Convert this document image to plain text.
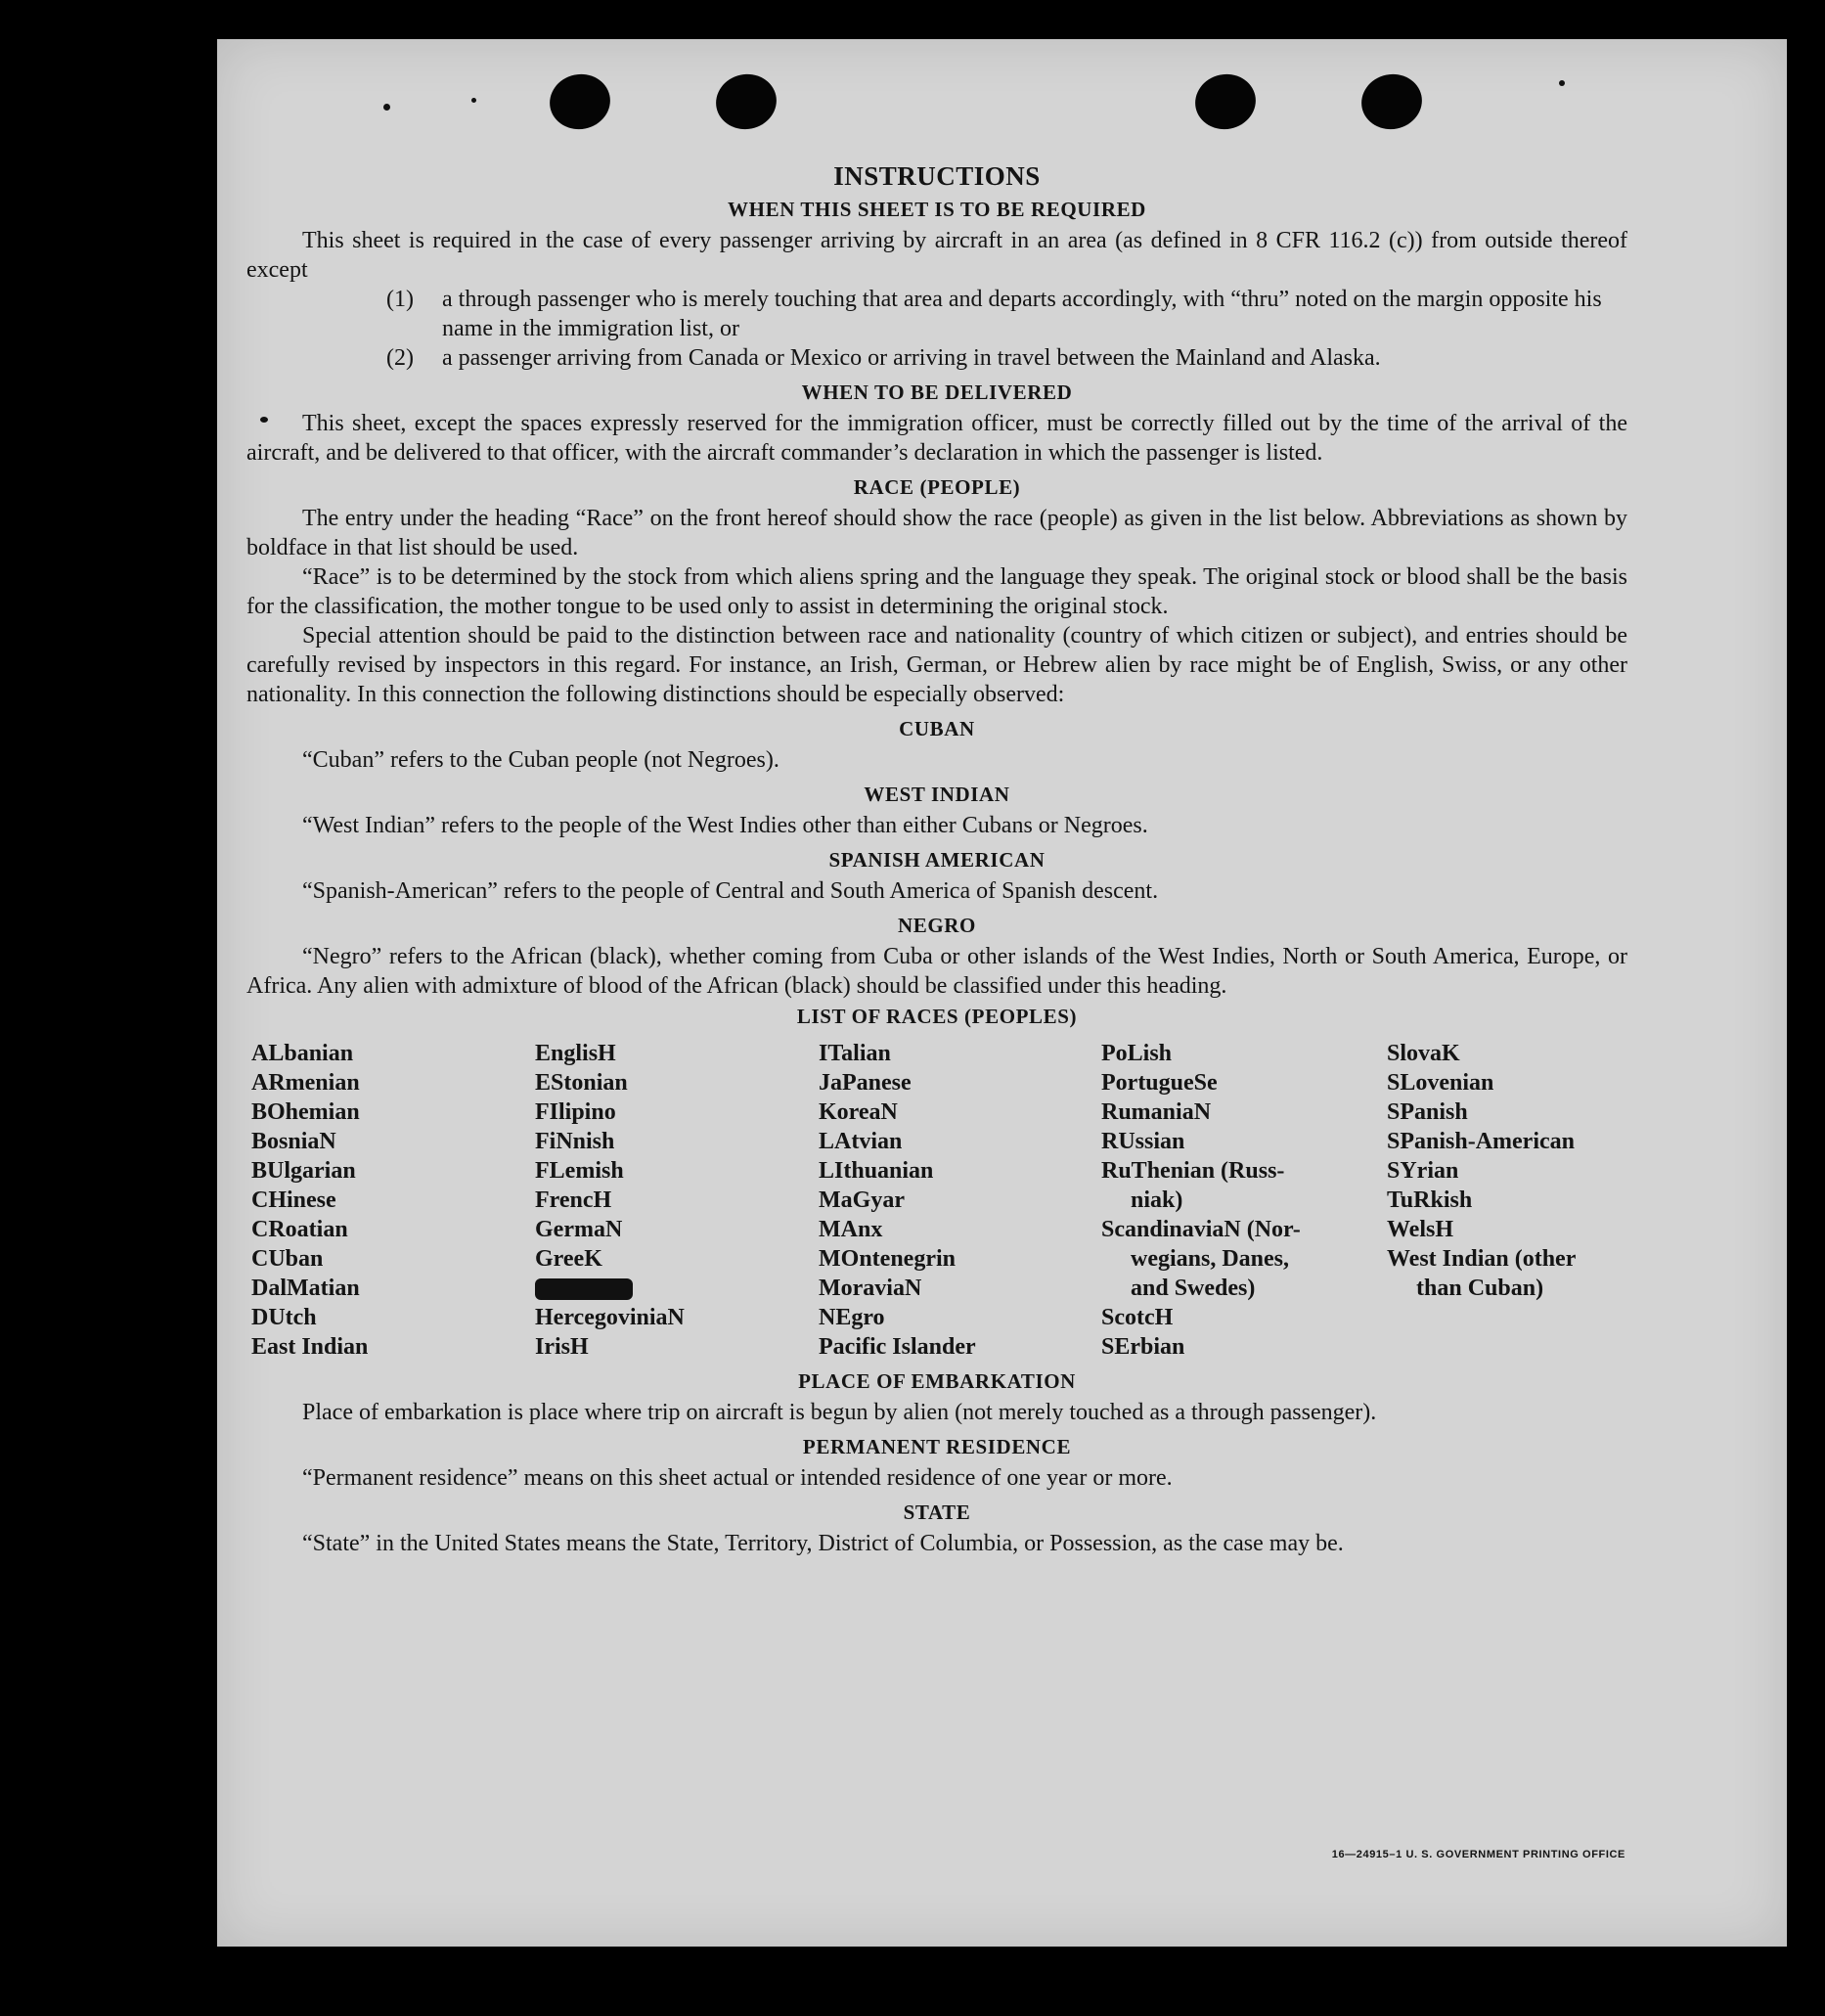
INSTRUCTIONS
WHEN THIS SHEET IS TO BE REQUIRED

This sheet is required in the case of every passenger arriving by aircraft in an area (as defined in 8 CFR 116.2 (c)) from outside thereof except

(1) a through passenger who is merely touching that area and departs accordingly, with “thru” noted on the margin opposite his name in the immigration list, or
(2) a passenger arriving from Canada or Mexico or arriving in travel between the Mainland and Alaska.
WHEN TO BE DELIVERED

This sheet, except the spaces expressly reserved for the immigration officer, must be correctly filled out by the time of the arrival of the aircraft, and be delivered to that officer, with the aircraft commander’s declaration in which the passenger is listed.

RACE (PEOPLE)

The entry under the heading “Race” on the front hereof should show the race (people) as given in the list below. Abbreviations as shown by boldface in that list should be used.

“Race” is to be determined by the stock from which aliens spring and the language they speak. The original stock or blood shall be the basis for the classification, the mother tongue to be used only to assist in determining the original stock.

Special attention should be paid to the distinction between race and nationality (country of which citizen or subject), and entries should be carefully revised by inspectors in this regard. For instance, an Irish, German, or Hebrew alien by race might be of English, Swiss, or any other nationality. In this connection the following distinctions should be especially observed:

CUBAN

“Cuban” refers to the Cuban people (not Negroes).

WEST INDIAN

“West Indian” refers to the people of the West Indies other than either Cubans or Negroes.

SPANISH AMERICAN

“Spanish-American” refers to the people of Central and South America of Spanish descent.

NEGRO

“Negro” refers to the African (black), whether coming from Cuba or other islands of the West Indies, North or South America, Europe, or Africa. Any alien with admixture of blood of the African (black) should be classified under this heading.

LIST OF RACES (PEOPLES)
ALbanian
ARmenian
BOhemian
BosniaN
BUlgarian
CHinese
CRoatian
CUban
DalMatian
DUtch
East Indian
EnglisH
EStonian
FIlipino
FiNnish
FLemish
FrencH
GermaN
GreeK
HercegoviniaN
IrisH
ITalian
JaPanese
KoreaN
LAtvian
LIthuanian
MaGyar
MAnx
MOntenegrin
MoraviaN
NEgro
Pacific Islander
PoLish
PortugueSe
RumaniaN
RUssian
RuThenian (Russ-
niak)
ScandinaviaN (Nor-
wegians, Danes,
and Swedes)
ScotcH
SErbian
SlovaK
SLovenian
SPanish
SPanish-American
SYrian
TuRkish
WelsH
West Indian (other
than Cuban)
PLACE OF EMBARKATION

Place of embarkation is place where trip on aircraft is begun by alien (not merely touched as a through passenger).

PERMANENT RESIDENCE

“Permanent residence” means on this sheet actual or intended residence of one year or more.

STATE

“State” in the United States means the State, Territory, District of Columbia, or Possession, as the case may be.

16—24915–1 U. S. GOVERNMENT PRINTING OFFICE
